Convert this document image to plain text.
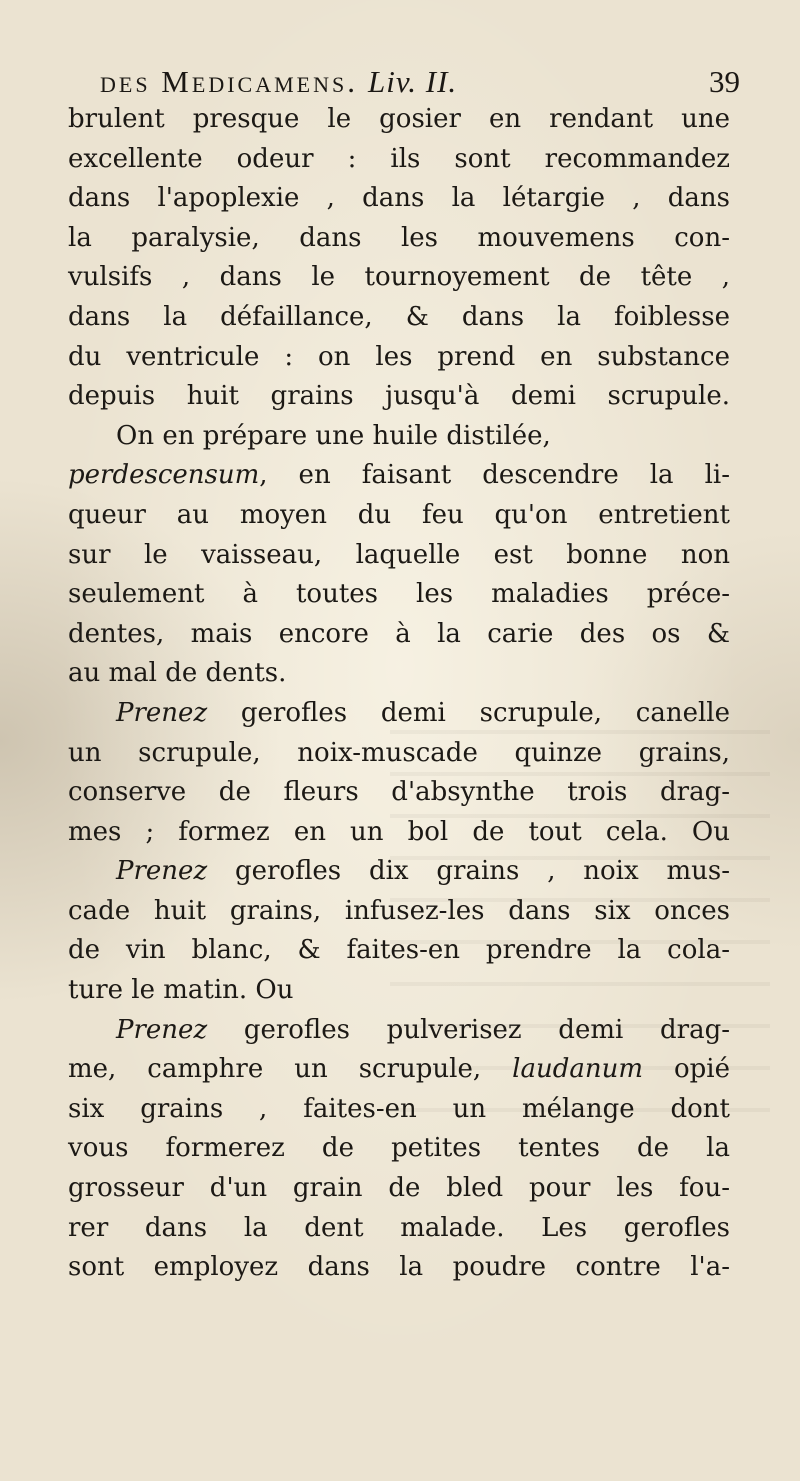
des Medicamens. Liv. II.	39
brulent presque le gosier en rendant une
excellente odeur : ils sont recommandez
dans l'apoplexie , dans la létargie , dans
la paralysie, dans les mouvemens con-
vulsifs , dans le tournoyement de tête ,
dans la défaillance, & dans la foiblesse
du ventricule : on les prend en substance
depuis huit grains jusqu'à demi scrupule.
On en prépare une huile distilée,
perdescensum, en faisant descendre la li-
queur au moyen du feu qu'on entretient
sur le vaisseau, laquelle est bonne non
seulement à toutes les maladies préce-
dentes, mais encore à la carie des os &
au mal de dents.
Prenez gerofles demi scrupule, canelle
un scrupule, noix-muscade quinze grains,
conserve de fleurs d'absynthe trois drag-
mes ; formez en un bol de tout cela. Ou
Prenez gerofles dix grains , noix mus-
cade huit grains, infusez-les dans six onces
de vin blanc, & faites-en prendre la cola-
ture le matin. Ou
Prenez gerofles pulverisez demi drag-
me, camphre un scrupule, laudanum opié
six grains , faites-en un mélange dont
vous formerez de petites tentes de la
grosseur d'un grain de bled pour les fou-
rer dans la dent malade. Les gerofles
sont employez dans la poudre contre l'a-
